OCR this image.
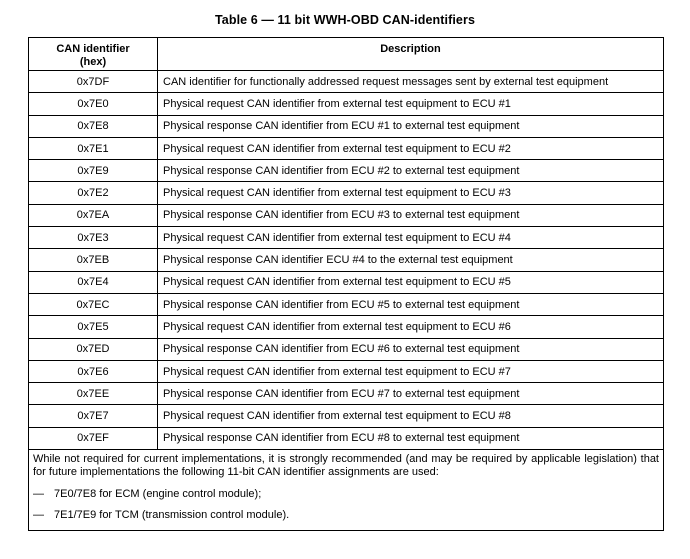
Table 6 — 11 bit WWH-OBD CAN-identifiers
CAN identifier
(hex)	Description
0x7DF	CAN identifier for functionally addressed request messages sent by external test equipment
0x7E0	Physical request CAN identifier from external test equipment to ECU #1
0x7E8	Physical response CAN identifier from ECU #1 to external test equipment
0x7E1	Physical request CAN identifier from external test equipment to ECU #2
0x7E9	Physical response CAN identifier from ECU #2 to external test equipment
0x7E2	Physical request CAN identifier from external test equipment to ECU #3
0x7EA	Physical response CAN identifier from ECU #3 to external test equipment
0x7E3	Physical request CAN identifier from external test equipment to ECU #4
0x7EB	Physical response CAN identifier ECU #4 to the external test equipment
0x7E4	Physical request CAN identifier from external test equipment to ECU #5
0x7EC	Physical response CAN identifier from ECU #5 to external test equipment
0x7E5	Physical request CAN identifier from external test equipment to ECU #6
0x7ED	Physical response CAN identifier from ECU #6 to external test equipment
0x7E6	Physical request CAN identifier from external test equipment to ECU #7
0x7EE	Physical response CAN identifier from ECU #7 to external test equipment
0x7E7	Physical request CAN identifier from external test equipment to ECU #8
0x7EF	Physical response CAN identifier from ECU #8 to external test equipment

While not required for current implementations, it is strongly recommended (and may be required by applicable legislation) that for future implementations the following 11-bit CAN identifier assignments are used:
— 7E0/7E8 for ECM (engine control module);
— 7E1/7E9 for TCM (transmission control module).	
